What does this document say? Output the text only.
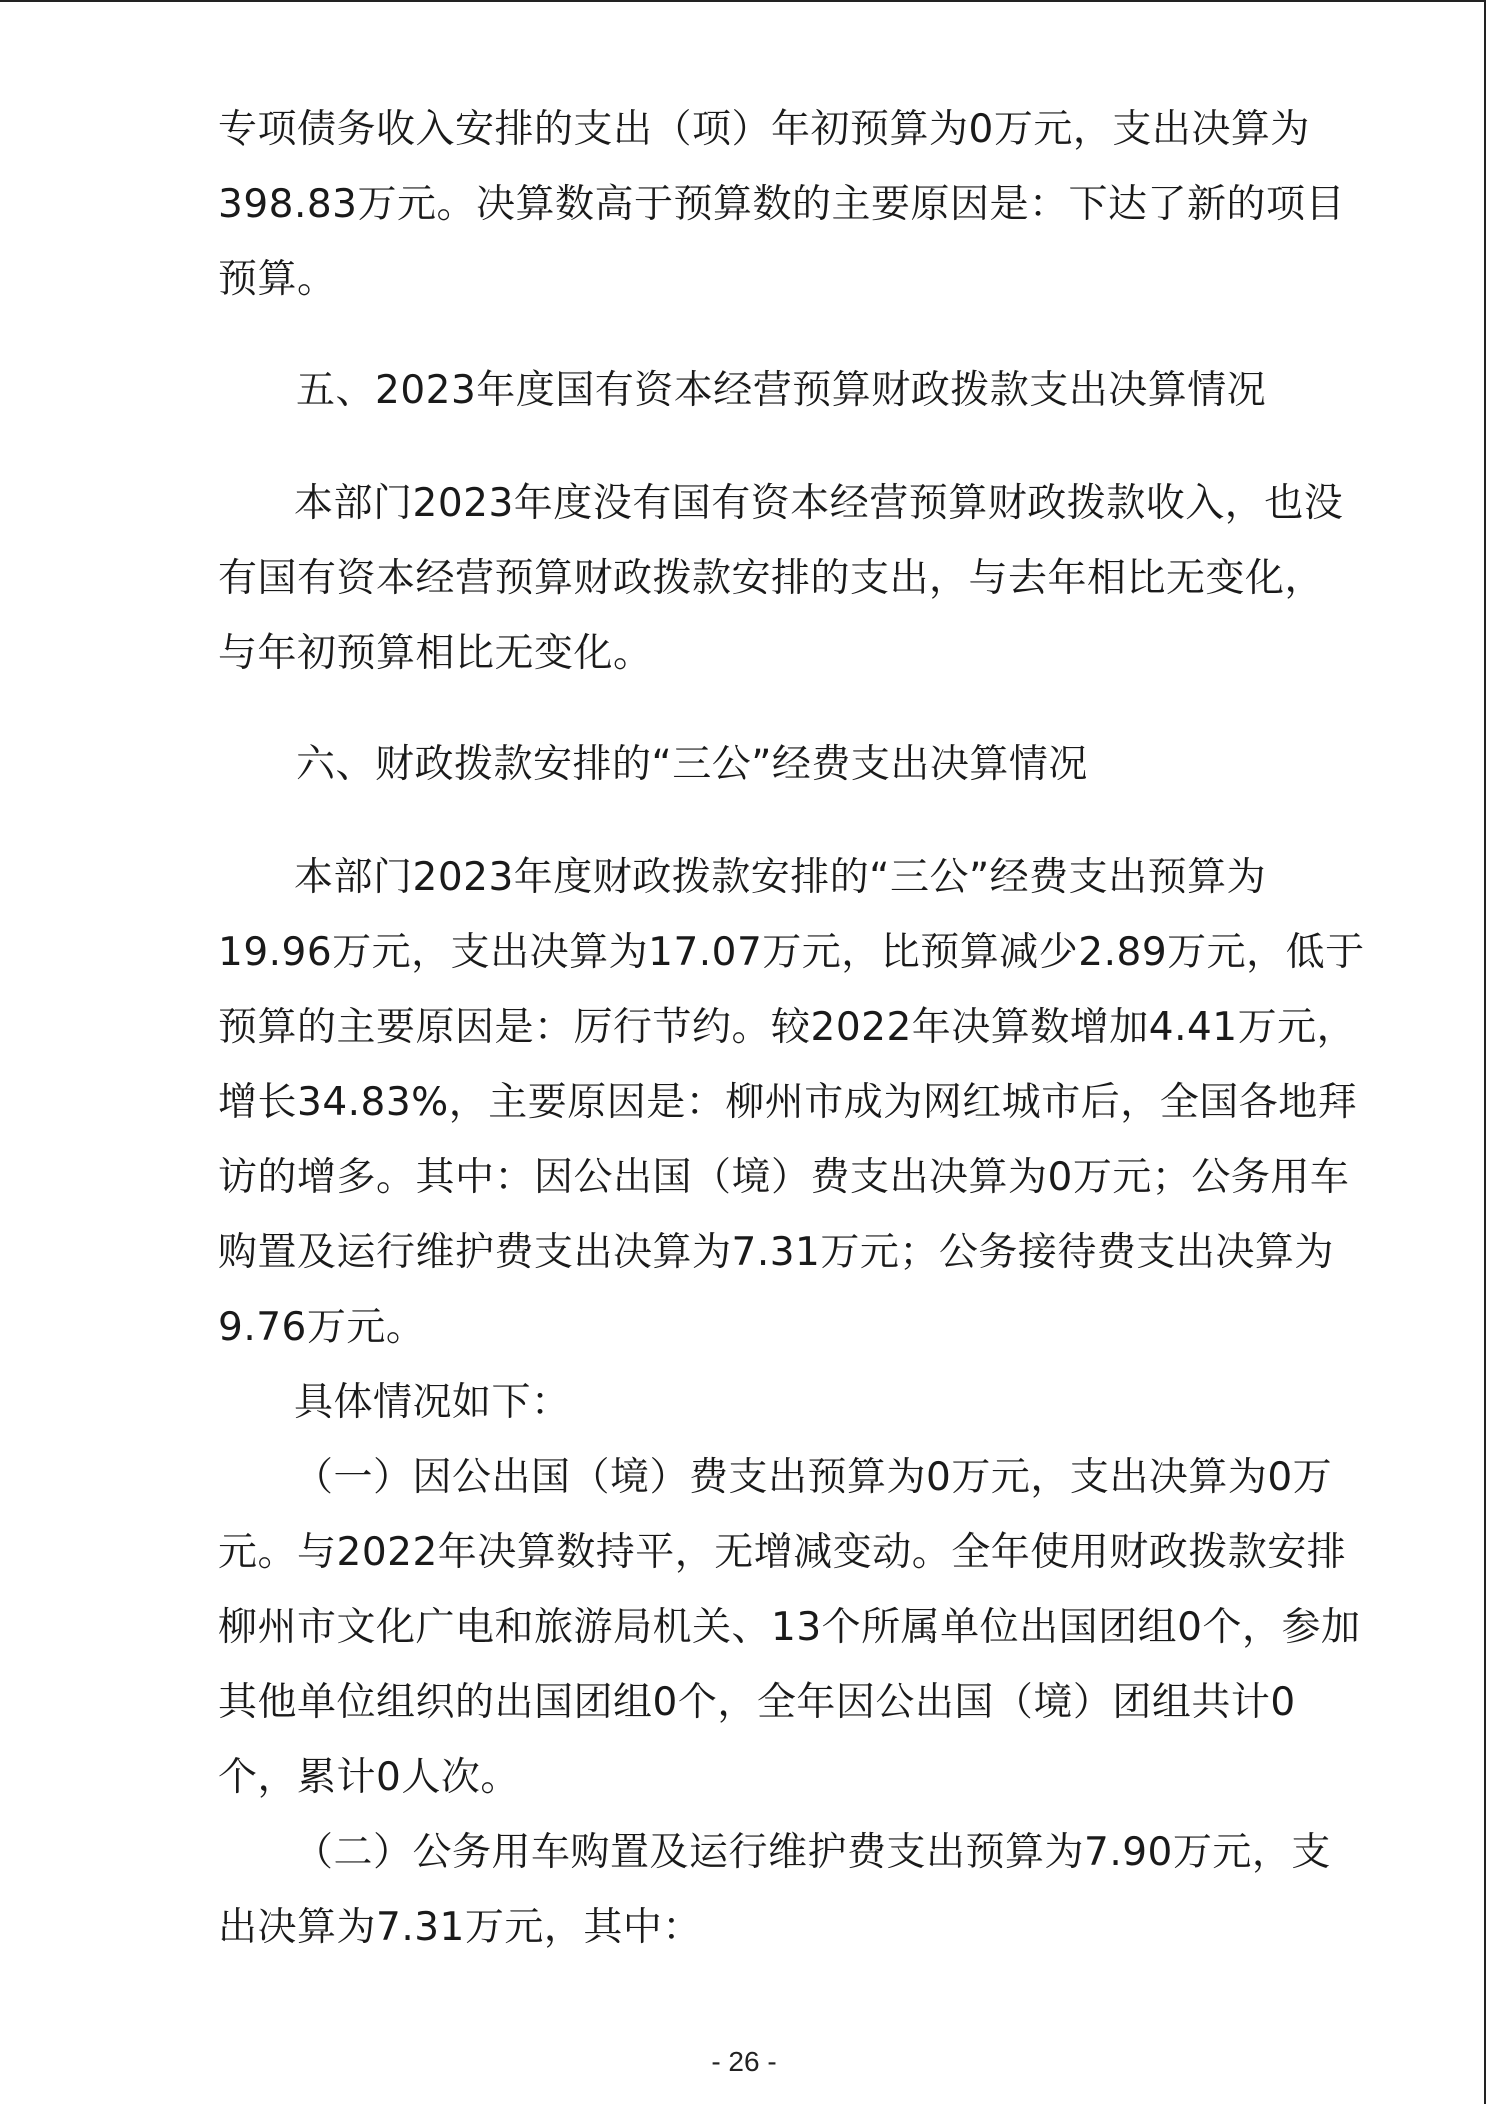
专项债务收入安排的支出（项）年初预算为0万元，支出决算为
398.83万元。决算数高于预算数的主要原因是：下达了新的项目
预算。
五、2023年度国有资本经营预算财政拨款支出决算情况
本部门2023年度没有国有资本经营预算财政拨款收入，也没
有国有资本经营预算财政拨款安排的支出，与去年相比无变化，
与年初预算相比无变化。
六、财政拨款安排的“三公”经费支出决算情况
本部门2023年度财政拨款安排的“三公”经费支出预算为
19.96万元，支出决算为17.07万元，比预算减少2.89万元，低于
预算的主要原因是：厉行节约。较2022年决算数增加4.41万元，
增长34.83%，主要原因是：柳州市成为网红城市后，全国各地拜
访的增多。其中：因公出国（境）费支出决算为0万元；公务用车
购置及运行维护费支出决算为7.31万元；公务接待费支出决算为
9.76万元。
具体情况如下：
（一）因公出国（境）费支出预算为0万元，支出决算为0万
元。与2022年决算数持平，无增减变动。全年使用财政拨款安排
柳州市文化广电和旅游局机关、13个所属单位出国团组0个，参加
其他单位组织的出国团组0个，全年因公出国（境）团组共计0
个，累计0人次。
（二）公务用车购置及运行维护费支出预算为7.90万元，支
出决算为7.31万元，其中：
- 26 -
